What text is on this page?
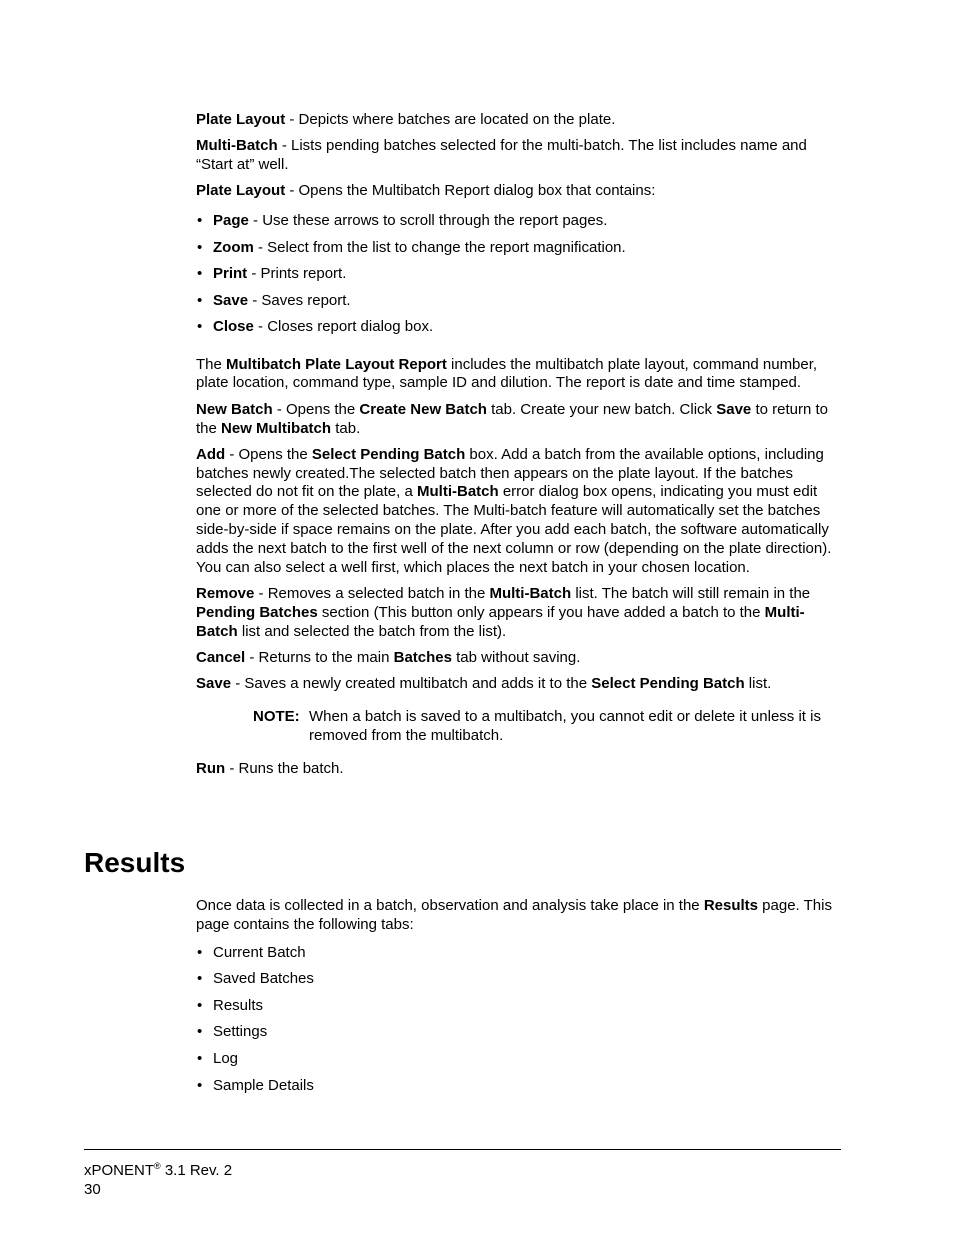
Plate Layout - Depicts where batches are located on the plate.

Multi-Batch - Lists pending batches selected for the multi-batch. The list includes name and “Start at” well.

Plate Layout - Opens the Multibatch Report dialog box that contains:

• Page - Use these arrows to scroll through the report pages.
• Zoom - Select from the list to change the report magnification.
• Print - Prints report.
• Save - Saves report.
• Close - Closes report dialog box.

The Multibatch Plate Layout Report includes the multibatch plate layout, command number, plate location, command type, sample ID and dilution. The report is date and time stamped.

New Batch - Opens the Create New Batch tab. Create your new batch. Click Save to return to the New Multibatch tab.

Add - Opens the Select Pending Batch box. Add a batch from the available options, including batches newly created.The selected batch then appears on the plate layout. If the batches selected do not fit on the plate, a Multi-Batch error dialog box opens, indicating you must edit one or more of the selected batches. The Multi-batch feature will automatically set the batches side-by-side if space remains on the plate. After you add each batch, the software automatically adds the next batch to the first well of the next column or row (depending on the plate direction). You can also select a well first, which places the next batch in your chosen location.

Remove - Removes a selected batch in the Multi-Batch list. The batch will still remain in the Pending Batches section (This button only appears if you have added a batch to the Multi-Batch list and selected the batch from the list).

Cancel - Returns to the main Batches tab without saving.

Save - Saves a newly created multibatch and adds it to the Select Pending Batch list.

NOTE: When a batch is saved to a multibatch, you cannot edit or delete it unless it is removed from the multibatch.

Run - Runs the batch.

Results

Once data is collected in a batch, observation and analysis take place in the Results page. This page contains the following tabs:

• Current Batch
• Saved Batches
• Results
• Settings
• Log
• Sample Details
xPONENT® 3.1 Rev. 2
30
